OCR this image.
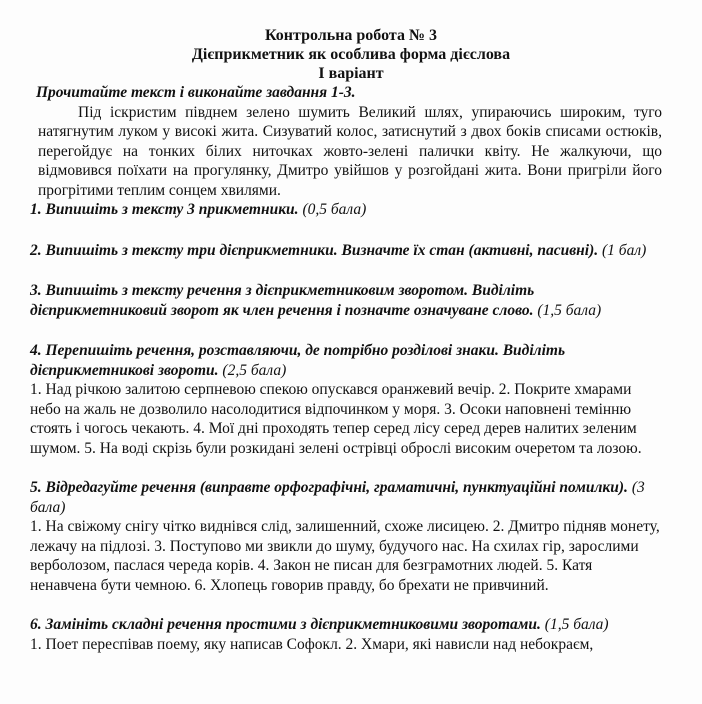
Контрольна робота № 3
Дієприкметник як особлива форма дієслова
І варіант
Прочитайте текст і виконайте завдання 1-3.
Під іскристим півднем зелено шумить Великий шлях, упираючись широким, туго натягнутим луком у високі жита. Сизуватий колос, затиснутий з двох боків списами остюків, перегойдує на тонких білих ниточках жовто-зелені палички квіту. Не жалкуючи, що відмовився поїхати на прогулянку, Дмитро увійшов у розгойдані жита. Вони пригріли його прогрітими теплим сонцем хвилями.
1. Випишіть з тексту 3 прикметники. (0,5 бала)
2. Випишіть з тексту три дієприкметники. Визначте їх стан (активні, пасивні). (1 бал)
3. Випишіть з тексту речення з дієприкметниковим зворотом. Виділіть дієприкметниковий зворот як член речення і позначте означуване слово. (1,5 бала)
4. Перепишіть речення, розставляючи, де потрібно розділові знаки. Виділіть дієприкметникові звороти. (2,5 бала)
1. Над річкою залитою серпневою спекою опускався оранжевий вечір. 2. Покрите хмарами небо на жаль не дозволило насолодитися відпочинком у моря. 3. Осоки наповнені темінню стоять і чогось чекають. 4. Мої дні проходять тепер серед лісу серед дерев налитих зеленим шумом. 5. На воді скрізь були розкидані зелені острівці оброслі високим очеретом та лозою.
5. Відредагуйте речення (виправте орфографічні, граматичні, пунктуаційні помилки). (3 бала)
1. На свіжому снігу чітко виднівся слід, залишенний, схоже лисицею. 2. Дмитро підняв монету, лежачу на підлозі. 3. Поступово ми звикли до шуму, будучого нас. На схилах гір, зарослими верболозом, паслася череда корів. 4. Закон не писан для безграмотних людей. 5. Катя ненавчена бути чемною. 6. Хлопець говорив правду, бо брехати не привчиний.
6. Замініть складні речення простими з дієприкметниковими зворотами. (1,5 бала)
1. Поет переспівав поему, яку написав Софокл. 2. Хмари, які нависли над небокраєм,
